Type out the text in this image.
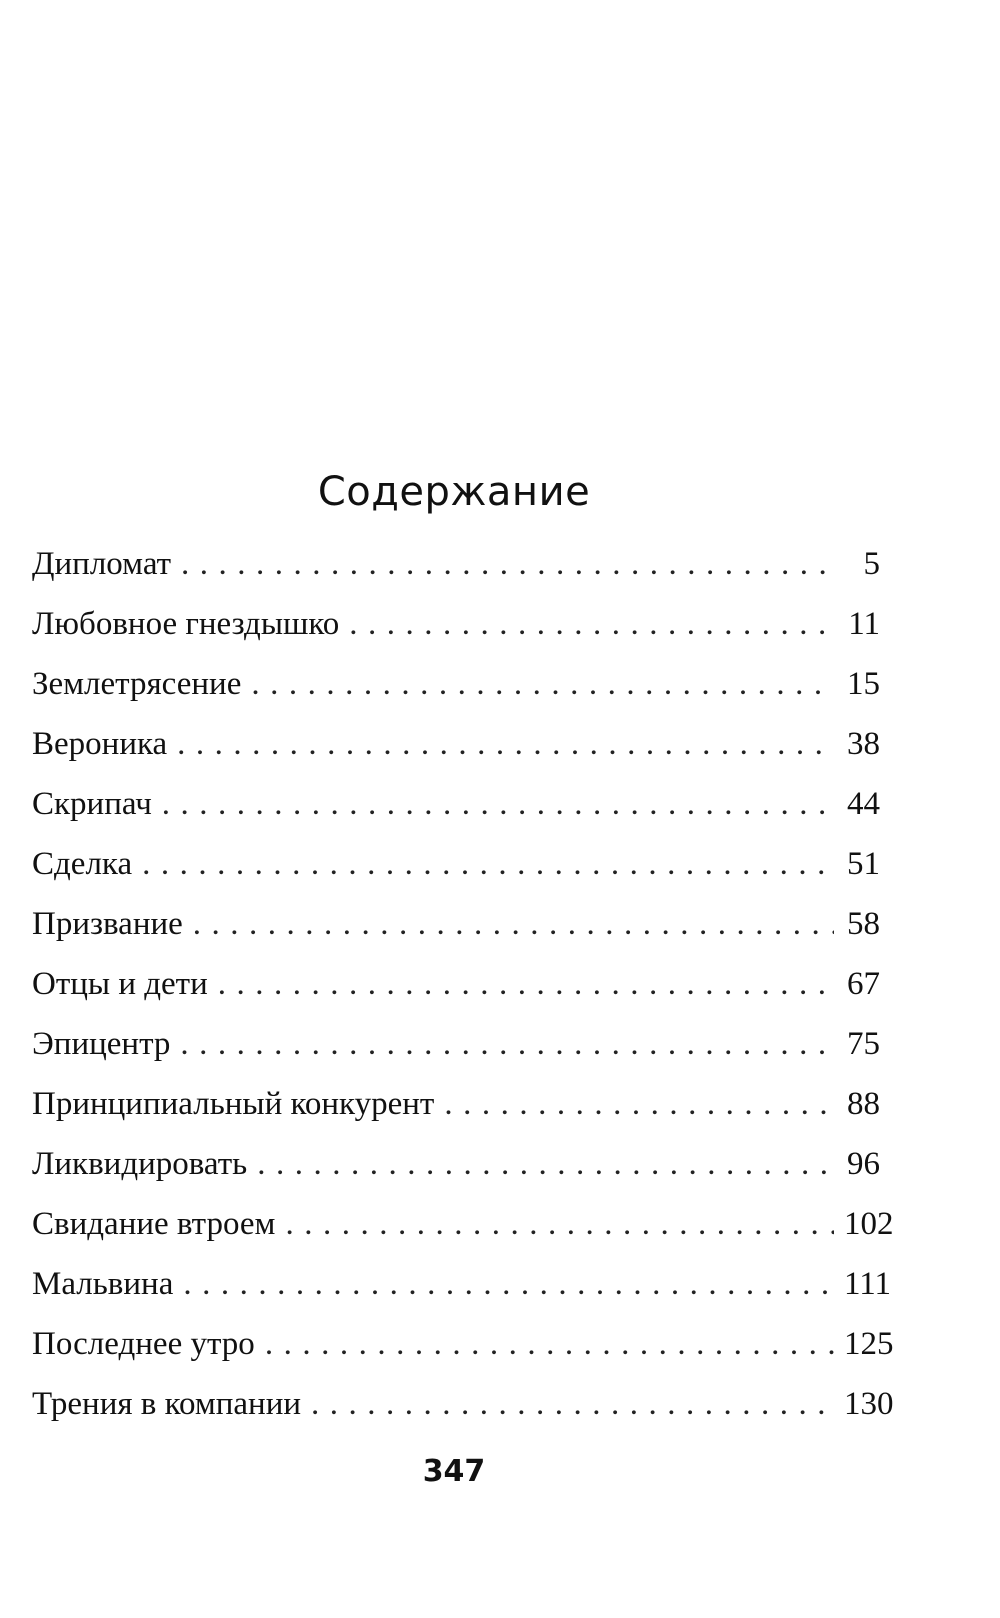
Содержание
Дипломат .....	5
Любовное гнездышко .....	11
Землетрясение .....	15
Вероника .....	38
Скрипач .....	44
Сделка .....	51
Призвание .....	58
Отцы и дети .....	67
Эпицентр .....	75
Принципиальный конкурент .....	88
Ликвидировать .....	96
Свидание втроем .....	102
Мальвина .....	111
Последнее утро .....	125
Трения в компании .....	130
347
